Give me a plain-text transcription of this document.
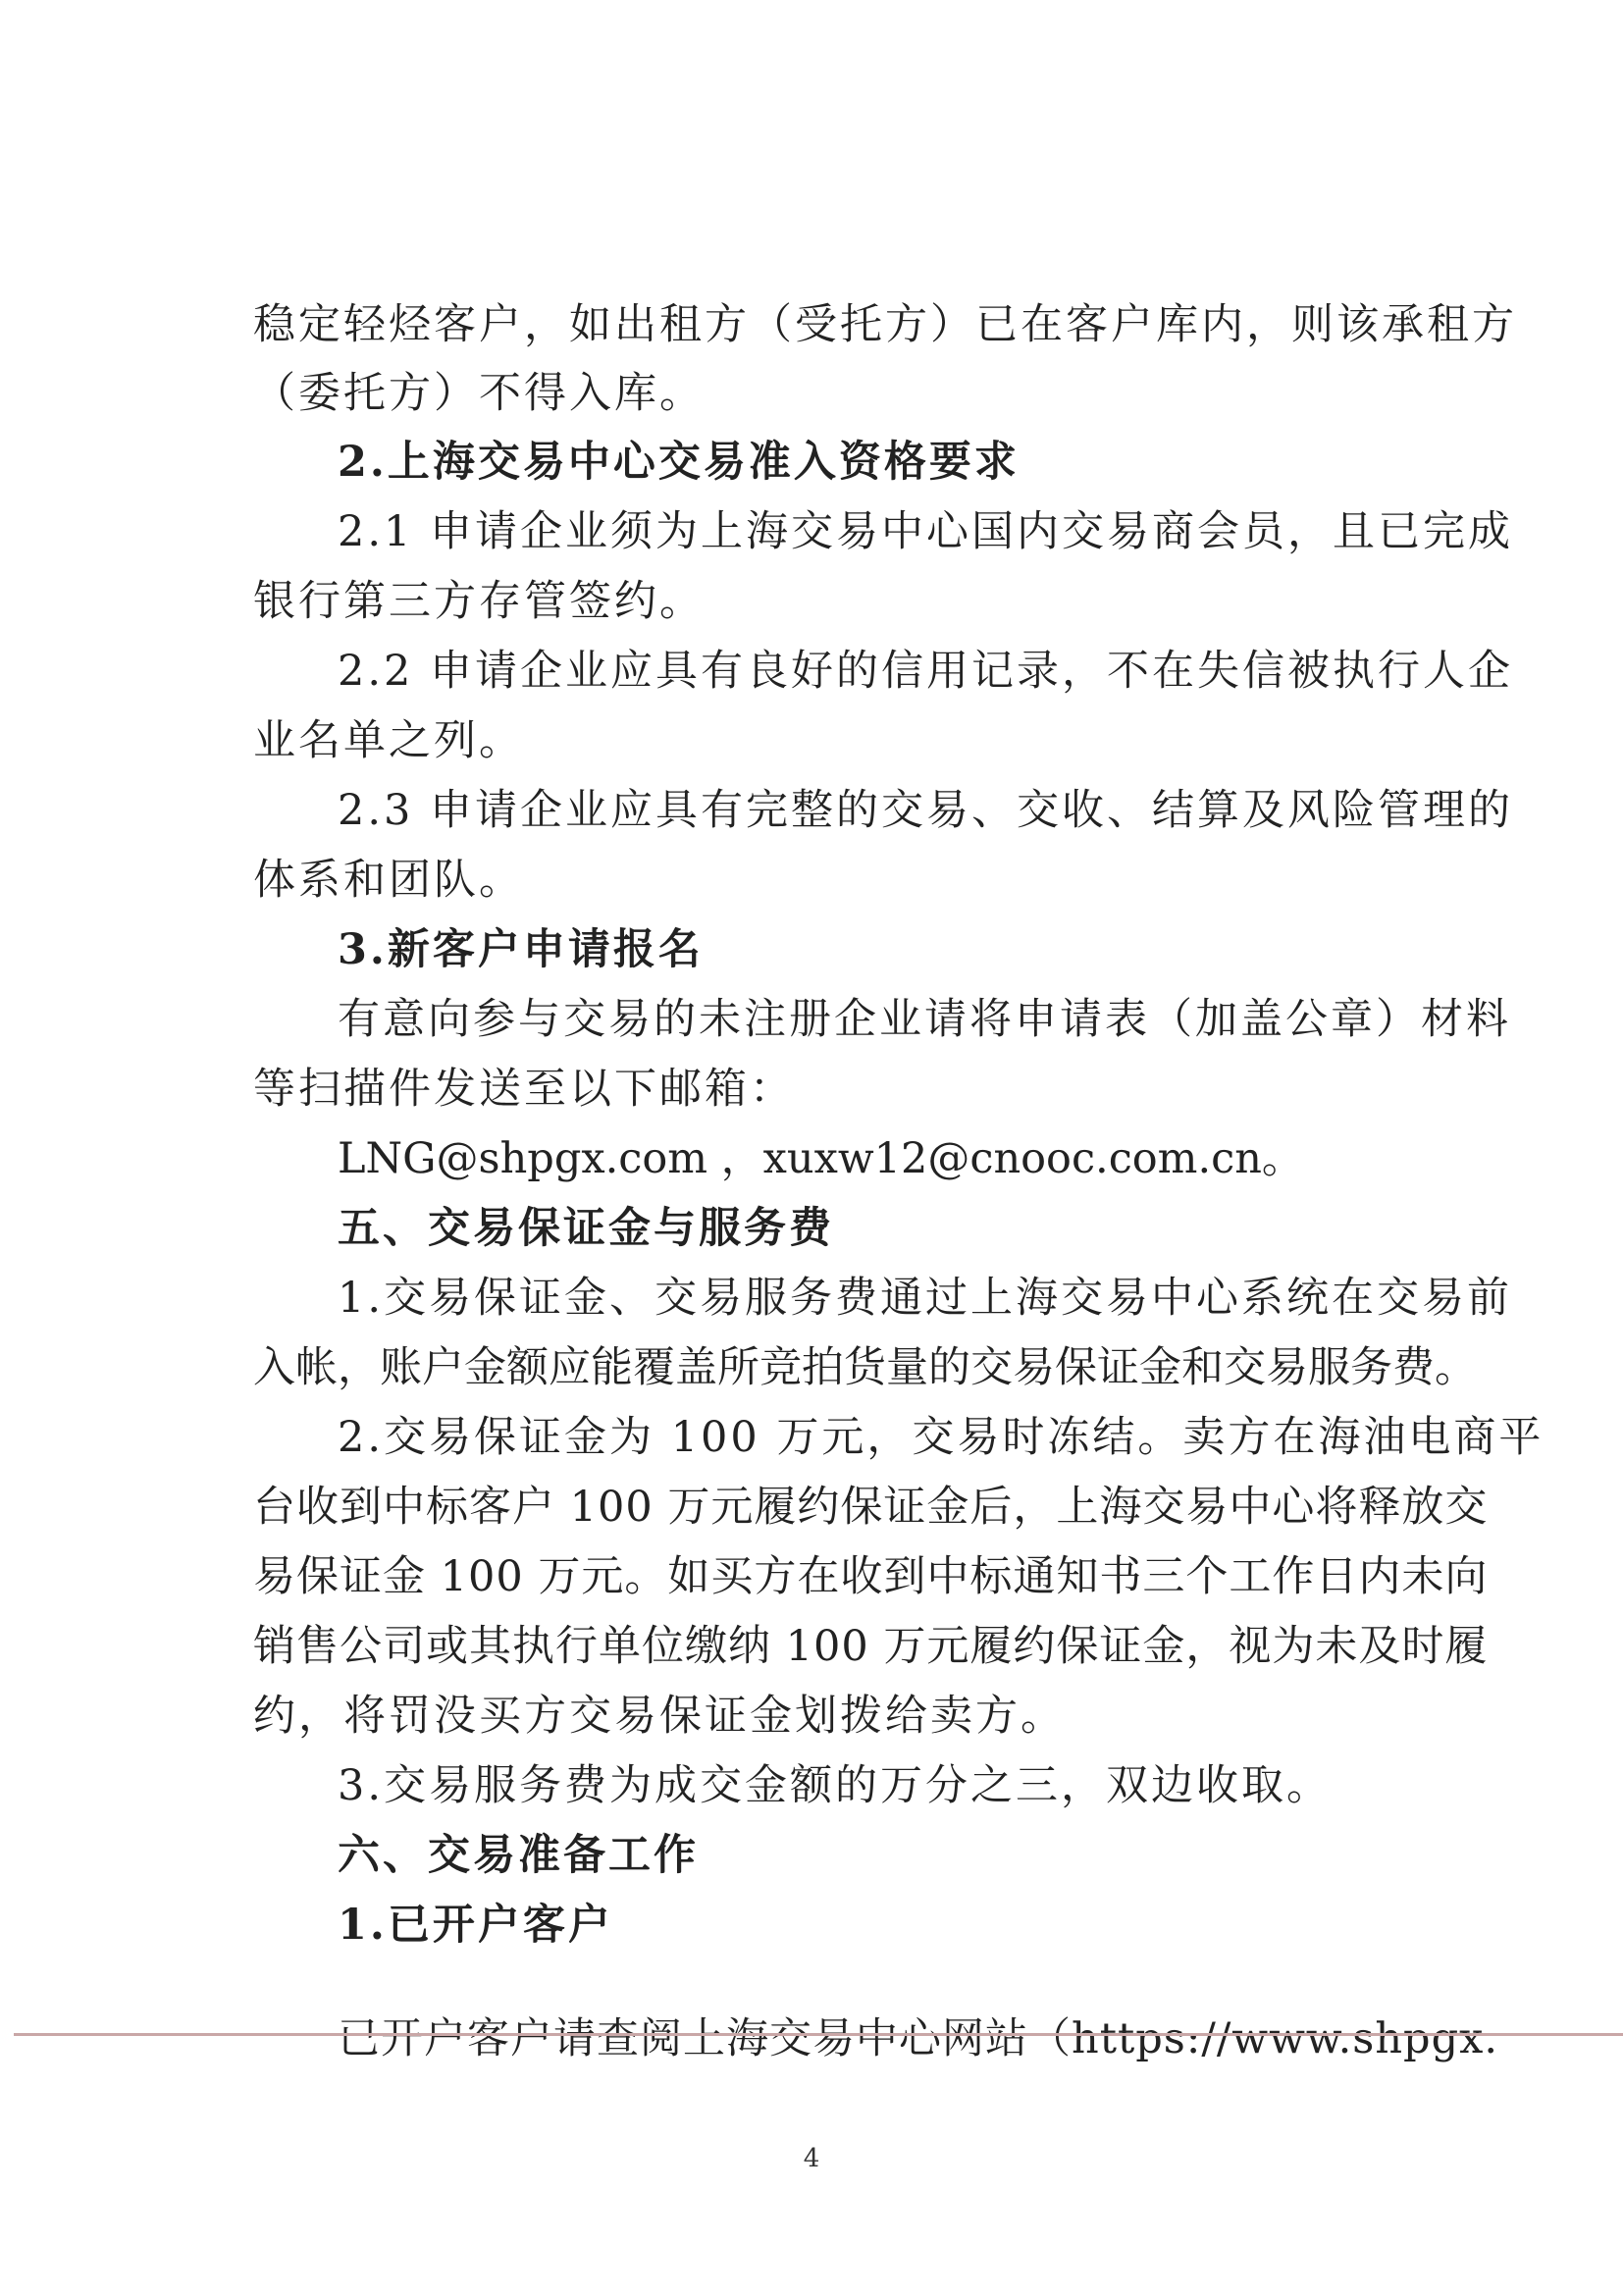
稳定轻烃客户，如出租方（受托方）已在客户库内，则该承租方
（委托方）不得入库。
2.上海交易中心交易准入资格要求
2.1 申请企业须为上海交易中心国内交易商会员，且已完成
银行第三方存管签约。
2.2 申请企业应具有良好的信用记录，不在失信被执行人企
业名单之列。
2.3 申请企业应具有完整的交易、交收、结算及风险管理的
体系和团队。
3.新客户申请报名
有意向参与交易的未注册企业请将申请表（加盖公章）材料
等扫描件发送至以下邮箱：
LNG@shpgx.com ，xuxw12@cnooc.com.cn。
五、交易保证金与服务费
1.交易保证金、交易服务费通过上海交易中心系统在交易前
入帐，账户金额应能覆盖所竞拍货量的交易保证金和交易服务费。
2.交易保证金为 100 万元，交易时冻结。卖方在海油电商平
台收到中标客户 100 万元履约保证金后，上海交易中心将释放交
易保证金 100 万元。如买方在收到中标通知书三个工作日内未向
销售公司或其执行单位缴纳 100 万元履约保证金，视为未及时履
约，将罚没买方交易保证金划拨给卖方。
3.交易服务费为成交金额的万分之三，双边收取。
六、交易准备工作
1.已开户客户
已开户客户请查阅上海交易中心网站（https://www.shpgx.
4
